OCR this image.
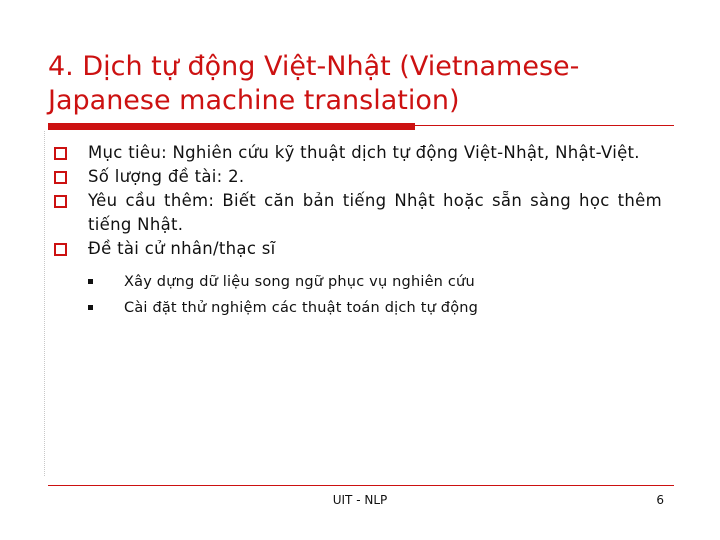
4. Dịch tự động Việt-Nhật (Vietnamese-Japanese machine translation)
Mục tiêu: Nghiên cứu kỹ thuật dịch tự động Việt-Nhật, Nhật-Việt.
Số lượng đề tài: 2.
Yêu cầu thêm: Biết căn bản tiếng Nhật hoặc sẵn sàng học thêm tiếng Nhật.
Đề tài cử nhân/thạc sĩ
Xây dựng dữ liệu song ngữ phục vụ nghiên cứu
Cài đặt thử nghiệm các thuật toán dịch tự động
UIT - NLP	6
